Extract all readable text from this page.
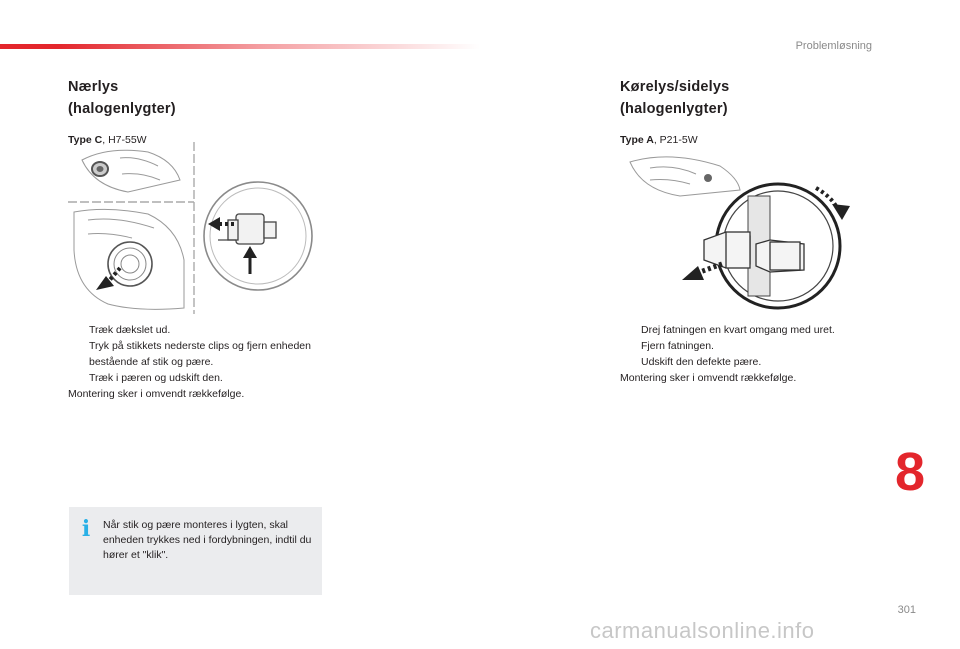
Problemløsning
Nærlys
(halogenlygter)
Type C, H7-55W
Træk dækslet ud.
Tryk på stikkets nederste clips og fjern enheden bestående af stik og pære.
Træk i pæren og udskift den.
Montering sker i omvendt rækkefølge.
Kørelys/sidelys
(halogenlygter)
Type A, P21-5W
Drej fatningen en kvart omgang med uret.
Fjern fatningen.
Udskift den defekte pære.
Montering sker i omvendt rækkefølge.
i Når stik og pære monteres i lygten, skal enheden trykkes ned i fordybningen, indtil du hører et "klik".
8
301
carmanualsonline.info
